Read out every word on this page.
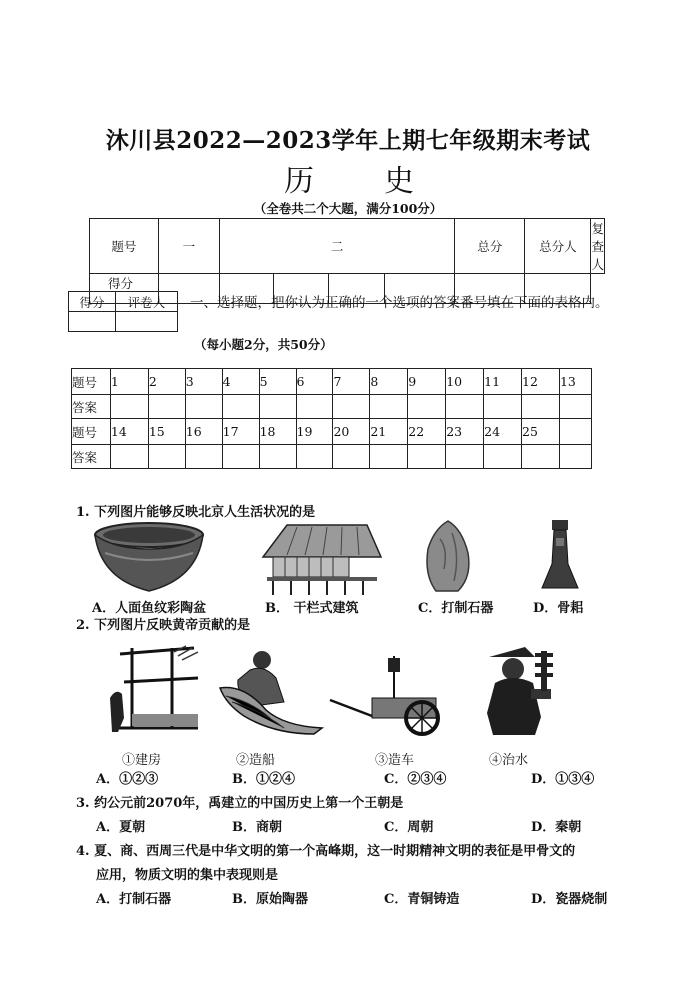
沐川县2022—2023学年上期七年级期末考试
历 史
（全卷共二个大题，满分100分）
题号	一	二				总分	总分人	复查人
得分								
得分	评卷人
	一、选择题，把你认为正确的一个选项的答案番号填在下面的表格内。
（每小题2分，共50分）
题号	1	2	3	4	5	6	7	8	9	10	11	12	13
答案													
题号	14	15	16	17	18	19	20	21	22	23	24	25	
答案													
1. 下列图片能够反映北京人生活状况的是
A．人面鱼纹彩陶盆	B． 干栏式建筑	C．打制石器	D．骨耜
2. 下列图片反映黄帝贡献的是
①建房	②造船	③造车	④治水
A．①②③	B．①②④	C．②③④	D．①③④
3. 约公元前2070年，禹建立的中国历史上第一个王朝是
A．夏朝	B．商朝	C．周朝	D．秦朝
4. 夏、商、西周三代是中华文明的第一个高峰期，这一时期精神文明的表征是甲骨文的
应用，物质文明的集中表现则是
A．打制石器	B．原始陶器	C．青铜铸造	D．瓷器烧制
